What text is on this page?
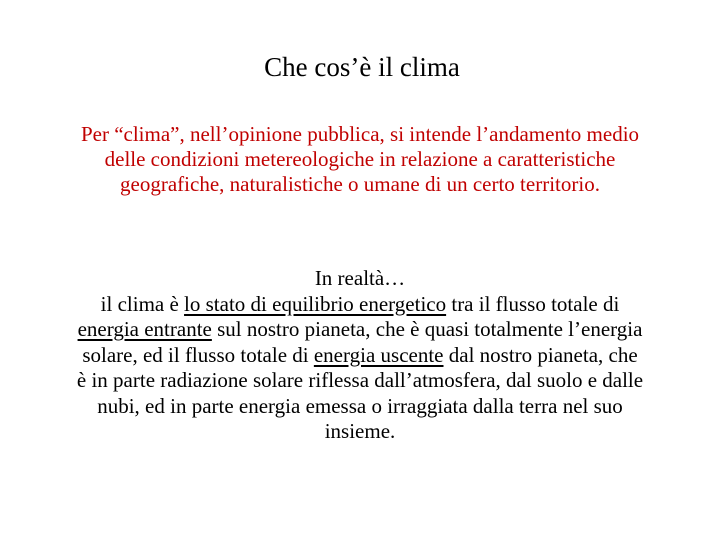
Che cos’è il clima

Per “clima”, nell’opinione pubblica, si intende l’andamento medio
delle condizioni metereologiche in relazione a caratteristiche
geografiche, naturalistiche o umane di un certo territorio.

In realtà…
il clima è lo stato di equilibrio energetico tra il flusso totale di
energia entrante sul nostro pianeta, che è quasi totalmente l’energia
solare, ed il flusso totale di energia uscente dal nostro pianeta, che
è in parte radiazione solare riflessa dall’atmosfera, dal suolo e dalle
nubi, ed in parte energia emessa o irraggiata dalla terra nel suo
insieme.
